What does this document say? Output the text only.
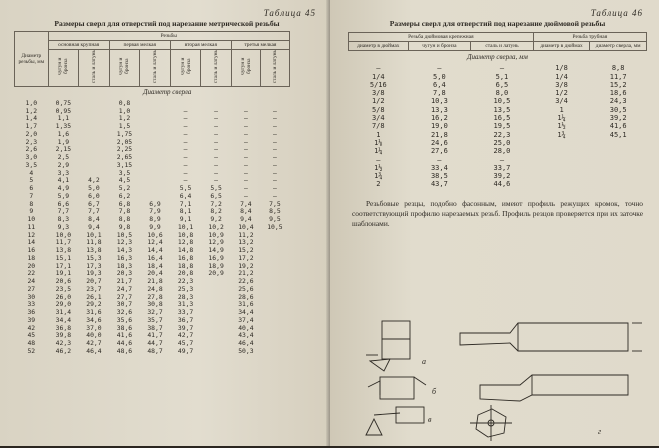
Таблица 45
Размеры сверл для отверстий под нарезание метрической резьбы
Диаметр резьбы, мм	Резьбы								
	основная крупная		первая мелкая		вторая мелкая		третья мелкая		
	чугун и бронза	сталь и латунь	чугун и бронза	сталь и латунь	чугун и бронза	сталь и латунь	чугун и бронза	сталь и латунь	
Диаметр сверла									
1,0	0,75		0,8						
1,2	0,95		1,0		—	—	—	—	
1,4	1,1		1,2		—	—	—	—	
1,7	1,35		1,5		—	—	—	—	
2,0	1,6		1,75		—	—	—	—	
2,3	1,9		2,05		—	—	—	—	
2,6	2,15		2,25		—	—	—	—	
3,0	2,5		2,65		—	—	—	—	
3,5	2,9		3,15		—	—	—	—	
4	3,3		3,5		—	—	—	—	
5	4,1	4,2	4,5		—	—	—	—	
6	4,9	5,0	5,2		5,5	5,5	—	—	
7	5,9	6,0	6,2		6,4	6,5	—	—	
8	6,6	6,7	6,8	6,9	7,1	7,2	7,4	7,5	
9	7,7	7,7	7,8	7,9	8,1	8,2	8,4	8,5	
10	8,3	8,4	8,8	8,9	9,1	9,2	9,4	9,5	
11	9,3	9,4	9,8	9,9	10,1	10,2	10,4	10,5	
12	10,0	10,1	10,5	10,6	10,8	10,9	11,2		
14	11,7	11,8	12,3	12,4	12,8	12,9	13,2		
16	13,8	13,8	14,3	14,4	14,8	14,9	15,2		
18	15,1	15,3	16,3	16,4	16,8	16,9	17,2		
20	17,1	17,3	18,3	18,4	18,8	18,9	19,2		
22	19,1	19,3	20,3	20,4	20,8	20,9	21,2		
24	20,6	20,7	21,7	21,8	22,3		22,6		
27	23,5	23,7	24,7	24,8	25,3		25,6		
30	26,0	26,1	27,7	27,8	28,3		28,6		
33	29,0	29,2	30,7	30,8	31,3		31,6		
36	31,4	31,6	32,6	32,7	33,7		34,4		
39	34,4	34,6	35,6	35,7	36,7		37,4		
42	36,8	37,0	38,6	38,7	39,7		40,4		
45	39,8	40,0	41,6	41,7	42,7		43,4		
48	42,3	42,7	44,6	44,7	45,7		46,4		
52	46,2	46,4	48,6	48,7	49,7		50,3		
Таблица 46
Размеры сверл для отверстий под нарезание дюймовой резьбы
Резьба дюймовая крепежная			Резьба трубная	
диаметр в дюймах	чугун и бронза	сталь и латунь	диаметр в дюймах	диаметр сверла, мм
Диаметр сверла, мм				
—	—	—	1/8	8,8
1/4	5,0	5,1	1/4	11,7
5/16	6,4	6,5	3/8	15,2
3/8	7,8	8,0	1/2	18,6
1/2	10,3	10,5	3/4	24,3
5/8	13,3	13,5	1	30,5
3/4	16,2	16,5	1¼	39,2
7/8	19,0	19,5	1½	41,6
1	21,8	22,3	1¾	45,1
1⅛	24,6	25,0		
1¼	27,6	28,0		
—	—	—		
1½	33,4	33,7		
1¾	38,5	39,2		
2	43,7	44,6		
Резьбовые резцы, подобно фасонным, имеют профиль режущих кромок, точно соответствующий профилю нарезаемых резьб. Профиль резцов проверяется при их заточке шаблонами.
а
б
в
г
